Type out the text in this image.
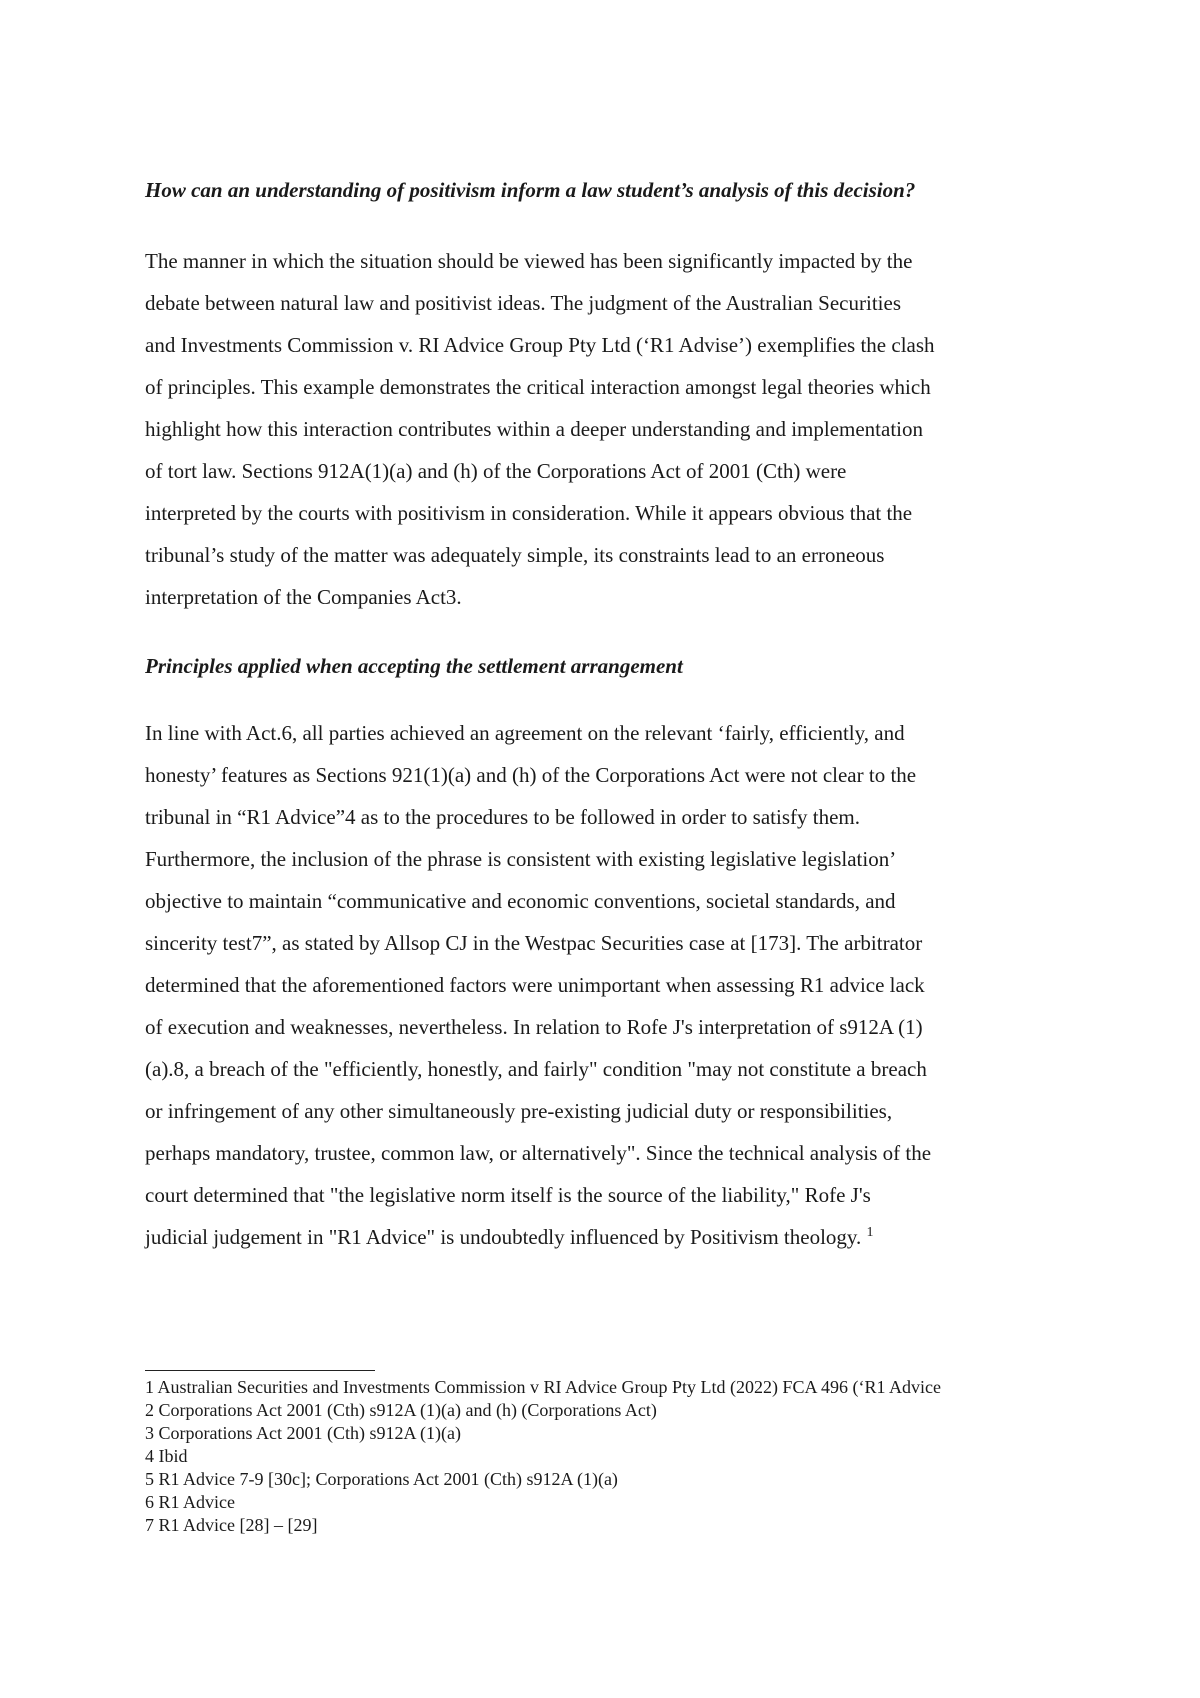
How can an understanding of positivism inform a law student’s analysis of this decision?

The manner in which the situation should be viewed has been significantly impacted by the
debate between natural law and positivist ideas. The judgment of the Australian Securities
and Investments Commission v. RI Advice Group Pty Ltd (‘R1 Advise’) exemplifies the clash
of principles. This example demonstrates the critical interaction amongst legal theories which
highlight how this interaction contributes within a deeper understanding and implementation
of tort law. Sections 912A(1)(a) and (h) of the Corporations Act of 2001 (Cth) were
interpreted by the courts with positivism in consideration. While it appears obvious that the
tribunal’s study of the matter was adequately simple, its constraints lead to an erroneous
interpretation of the Companies Act3.

Principles applied when accepting the settlement arrangement

In line with Act.6, all parties achieved an agreement on the relevant ‘fairly, efficiently, and
honesty’ features as Sections 921(1)(a) and (h) of the Corporations Act were not clear to the
tribunal in “R1 Advice”4 as to the procedures to be followed in order to satisfy them.
Furthermore, the inclusion of the phrase is consistent with existing legislative legislation’
objective to maintain “communicative and economic conventions, societal standards, and
sincerity test7”, as stated by Allsop CJ in the Westpac Securities case at [173]. The arbitrator
determined that the aforementioned factors were unimportant when assessing R1 advice lack
of execution and weaknesses, nevertheless. In relation to Rofe J's interpretation of s912A (1)
(a).8, a breach of the "efficiently, honestly, and fairly" condition "may not constitute a breach
or infringement of any other simultaneously pre-existing judicial duty or responsibilities,
perhaps mandatory, trustee, common law, or alternatively". Since the technical analysis of the
court determined that "the legislative norm itself is the source of the liability," Rofe J's
judicial judgement in "R1 Advice" is undoubtedly influenced by Positivism theology. $^1$

1 Australian Securities and Investments Commission v RI Advice Group Pty Ltd (2022) FCA 496 (‘R1 Advice
2 Corporations Act 2001 (Cth) s912A (1)(a) and (h) (Corporations Act)
3 Corporations Act 2001 (Cth) s912A (1)(a)
4 Ibid
5 R1 Advice 7-9 [30c]; Corporations Act 2001 (Cth) s912A (1)(a)
6 R1 Advice
7 R1 Advice [28] – [29]
